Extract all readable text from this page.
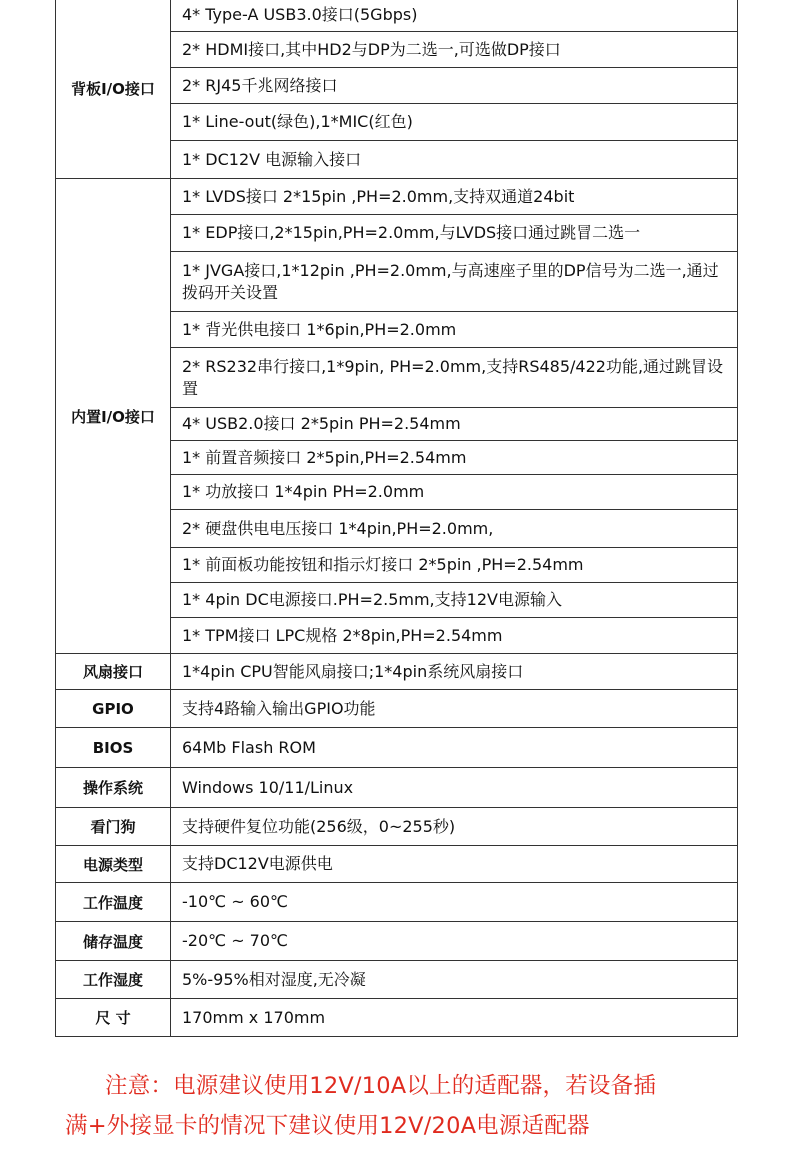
背板I/O接口	4* Type-A USB3.0接口(5Gbps)
	2* HDMI接口,其中HD2与DP为二选一,可选做DP接口
	2* RJ45千兆网络接口
	1* Line-out(绿色),1*MIC(红色)
	1* DC12V 电源输入接口
内置I/O接口	1* LVDS接口 2*15pin ,PH=2.0mm,支持双通道24bit
	1* EDP接口,2*15pin,PH=2.0mm,与LVDS接口通过跳冒二选一
	1* JVGA接口,1*12pin ,PH=2.0mm,与高速座子里的DP信号为二选一,通过拨码开关设置
	1* 背光供电接口 1*6pin,PH=2.0mm
	2* RS232串行接口,1*9pin, PH=2.0mm,支持RS485/422功能,通过跳冒设置
	4* USB2.0接口 2*5pin PH=2.54mm
	1* 前置音频接口 2*5pin,PH=2.54mm
	1* 功放接口 1*4pin PH=2.0mm
	2* 硬盘供电电压接口 1*4pin,PH=2.0mm,
	1* 前面板功能按钮和指示灯接口 2*5pin ,PH=2.54mm
	1* 4pin DC电源接口.PH=2.5mm,支持12V电源输入
	1* TPM接口 LPC规格 2*8pin,PH=2.54mm
风扇接口	1*4pin CPU智能风扇接口;1*4pin系统风扇接口
GPIO	支持4路输入输出GPIO功能
BIOS	64Mb Flash ROM
操作系统	Windows 10/11/Linux
看门狗	支持硬件复位功能(256级，0~255秒)
电源类型	支持DC12V电源供电
工作温度	-10℃ ~ 60℃
储存温度	-20℃ ~ 70℃
工作湿度	5%-95%相对湿度,无冷凝
尺 寸	170mm x 170mm
注意：电源建议使用12V/10A以上的适配器，若设备插
满+外接显卡的情况下建议使用12V/20A电源适配器
